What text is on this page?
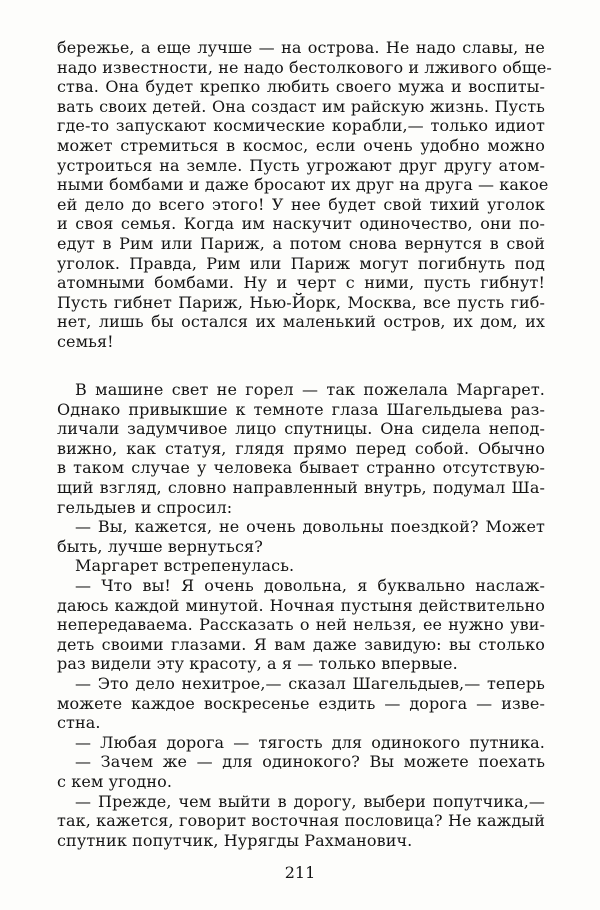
бережье, а еще лучше — на острова. Не надо славы, не
надо известности, не надо бестолкового и лживого обще-
ства. Она будет крепко любить своего мужа и воспиты-
вать своих детей. Она создаст им райскую жизнь. Пусть
где-то запускают космические корабли,— только идиот
может стремиться в космос, если очень удобно можно
устроиться на земле. Пусть угрожают друг другу атом-
ными бомбами и даже бросают их друг на друга — какое
ей дело до всего этого! У нее будет свой тихий уголок
и своя семья. Когда им наскучит одиночество, они по-
едут в Рим или Париж, а потом снова вернутся в свой
уголок. Правда, Рим или Париж могут погибнуть под
атомными бомбами. Ну и черт с ними, пусть гибнут!
Пусть гибнет Париж, Нью-Йорк, Москва, все пусть гиб-
нет, лишь бы остался их маленький остров, их дом, их
семья!
В машине свет не горел — так пожелала Маргарет.
Однако привыкшие к темноте глаза Шагельдыева раз-
личали задумчивое лицо спутницы. Она сидела непод-
вижно, как статуя, глядя прямо перед собой. Обычно
в таком случае у человека бывает странно отсутствую-
щий взгляд, словно направленный внутрь, подумал Ша-
гельдыев и спросил:
— Вы, кажется, не очень довольны поездкой? Может
быть, лучше вернуться?
Маргарет встрепенулась.
— Что вы! Я очень довольна, я буквально наслаж-
даюсь каждой минутой. Ночная пустыня действительно
непередаваема. Рассказать о ней нельзя, ее нужно уви-
деть своими глазами. Я вам даже завидую: вы столько
раз видели эту красоту, а я — только впервые.
— Это дело нехитрое,— сказал Шагельдыев,— теперь
можете каждое воскресенье ездить — дорога — изве-
стна.
— Любая дорога — тягость для одинокого путника.
— Зачем же — для одинокого? Вы можете поехать
с кем угодно.
— Прежде, чем выйти в дорогу, выбери попутчика,—
так, кажется, говорит восточная пословица? Не каждый
спутник попутчик, Нурягды Рахманович.
211
